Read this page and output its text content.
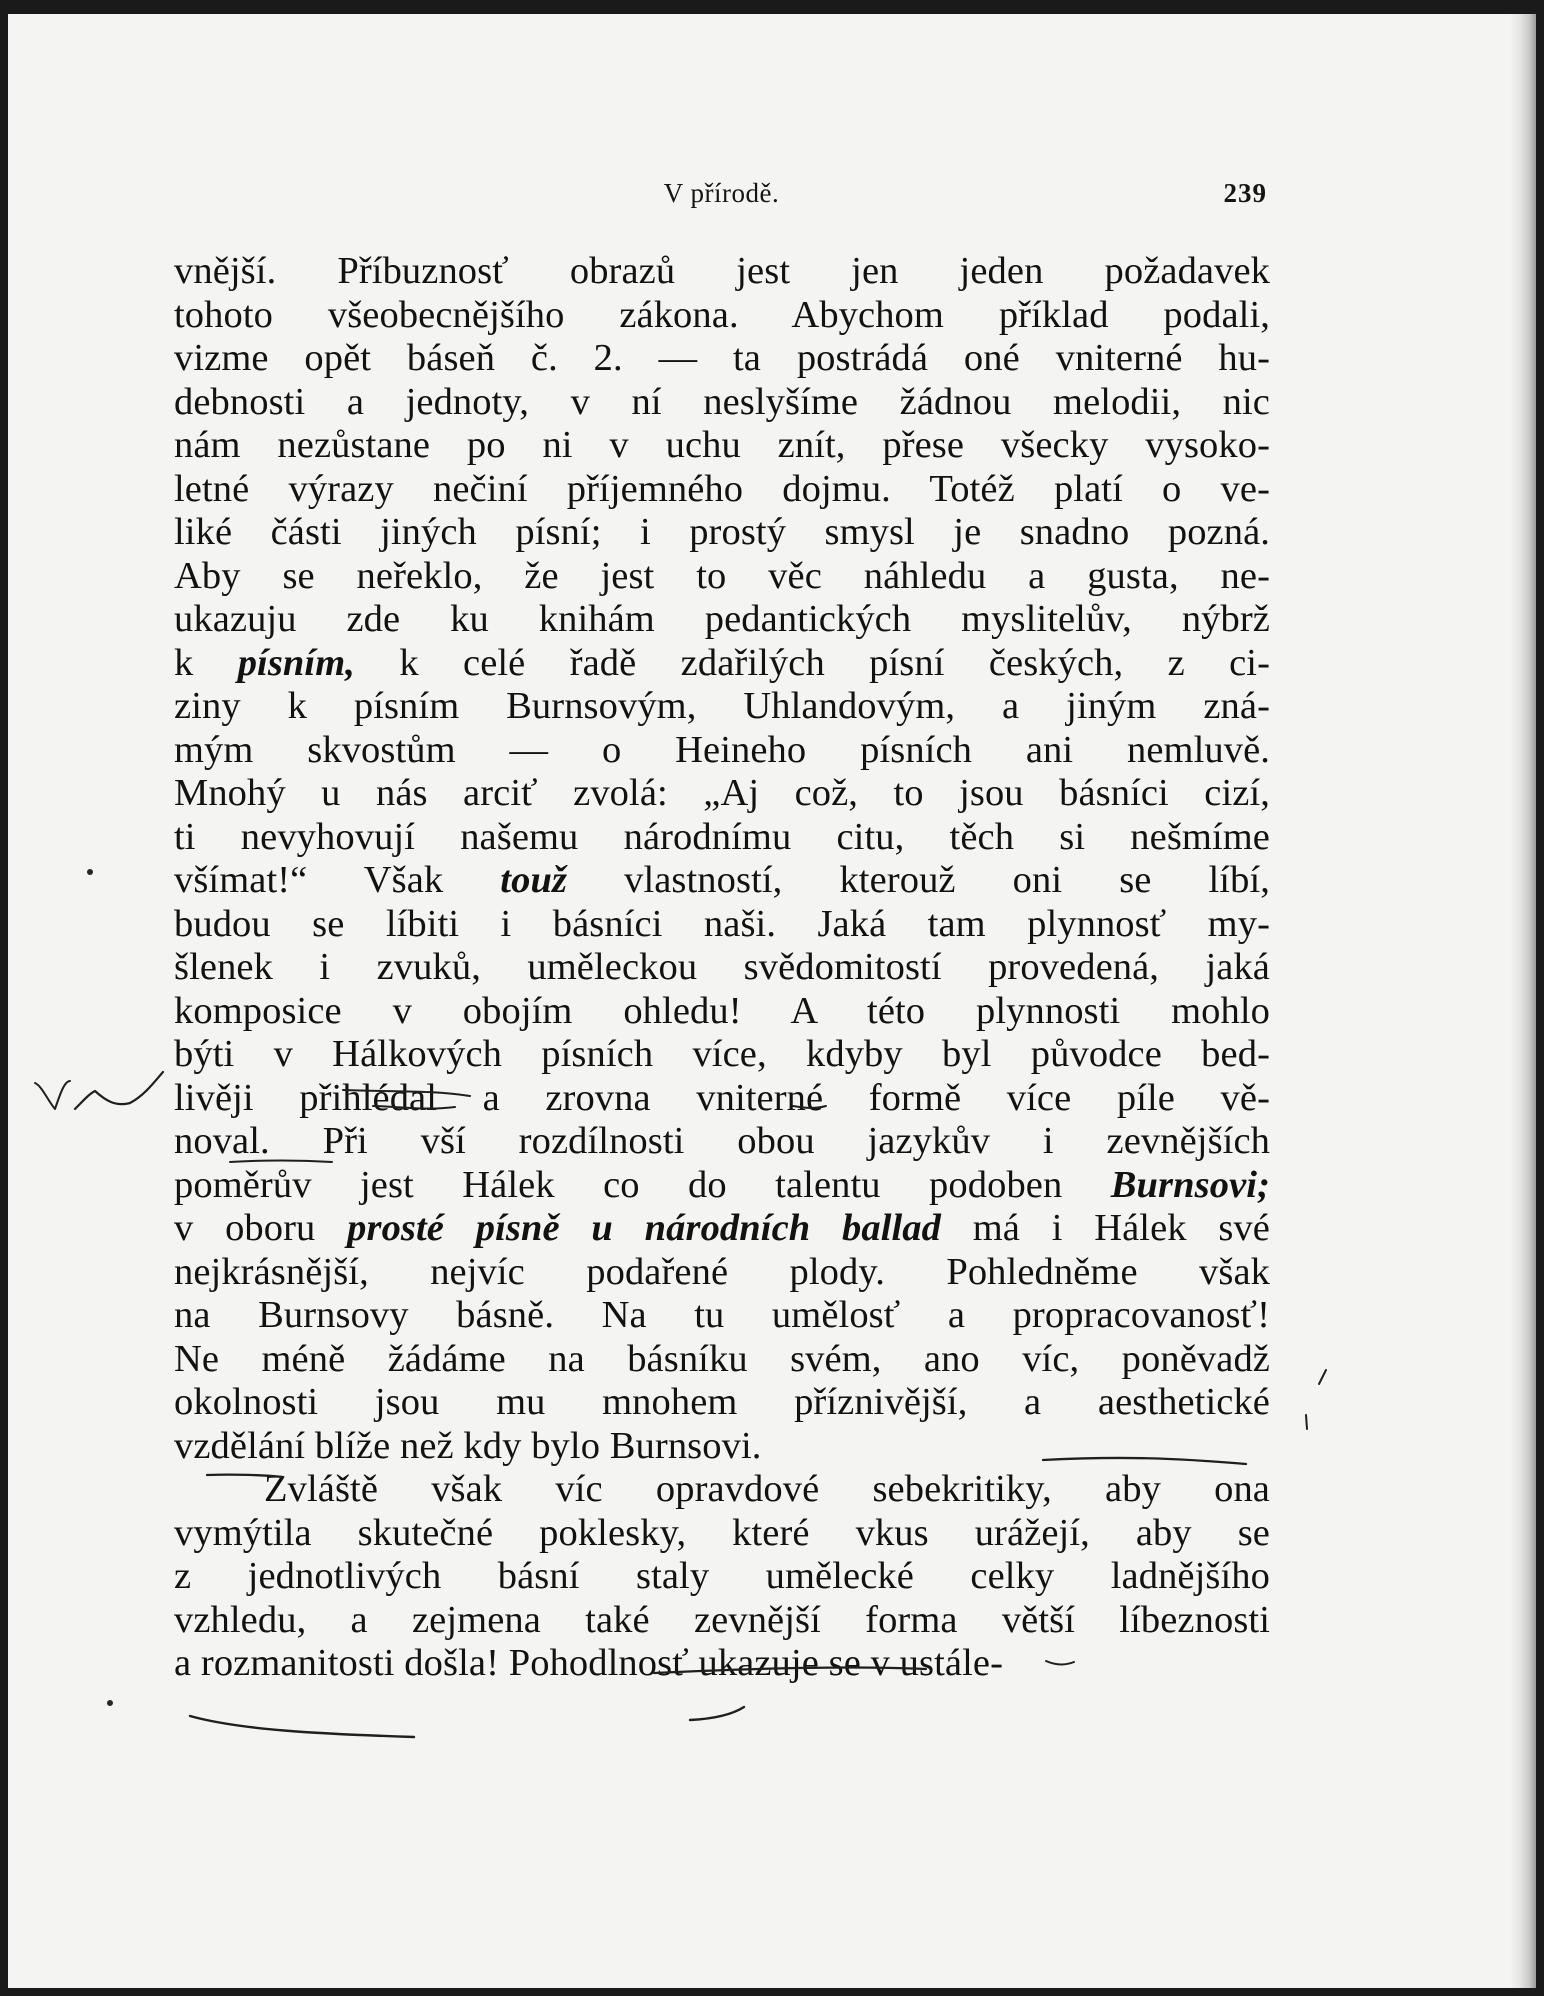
V přírodě.	239
vnější. Příbuznosť obrazů jest jen jeden požadavek
tohoto všeobecnějšího zákona. Abychom příklad podali,
vizme opět báseň č. 2. — ta postrádá oné vniterné hu-
debnosti a jednoty, v ní neslyšíme žádnou melodii, nic
nám nezůstane po ni v uchu znít, přese všecky vysoko-
letné výrazy nečiní příjemného dojmu. Totéž platí o ve-
liké části jiných písní; i prostý smysl je snadno pozná.
Aby se neřeklo, že jest to věc náhledu a gusta, ne-
ukazuju zde ku knihám pedantických myslitelův, nýbrž
k písním, k celé řadě zdařilých písní českých, z ci-
ziny k písním Burnsovým, Uhlandovým, a jiným zná-
mým skvostům — o Heineho písních ani nemluvě.
Mnohý u nás arciť zvolá: „Aj což, to jsou básníci cizí,
ti nevyhovují našemu národnímu citu, těch si nešmíme
všímat!“ Však touž vlastností, kterouž oni se líbí,
budou se líbiti i básníci naši. Jaká tam plynnosť my-
šlenek i zvuků, uměleckou svědomitostí provedená, jaká
komposice v obojím ohledu! A této plynnosti mohlo
býti v Hálkových písních více, kdyby byl původce bed-
livěji přihlédal a zrovna vniterné formě více píle vě-
noval. Při vší rozdílnosti obou jazykův i zevnějších
poměrův jest Hálek co do talentu podoben Burnsovi;
v oboru prosté písně u národních ballad má i Hálek své
nejkrásnější, nejvíc podařené plody. Pohledněme však
na Burnsovy básně. Na tu umělosť a propracovanosť!
Ne méně žádáme na básníku svém, ano víc, poněvadž
okolnosti jsou mu mnohem příznivější, a aesthetické
vzdělání blíže než kdy bylo Burnsovi.
Zvláště však víc opravdové sebekritiky, aby ona
vymýtila skutečné poklesky, které vkus urážejí, aby se
z jednotlivých básní staly umělecké celky ladnějšího
vzhledu, a zejmena také zevnější forma větší líbeznosti
a rozmanitosti došla! Pohodlnosť ukazuje se v ustále-
